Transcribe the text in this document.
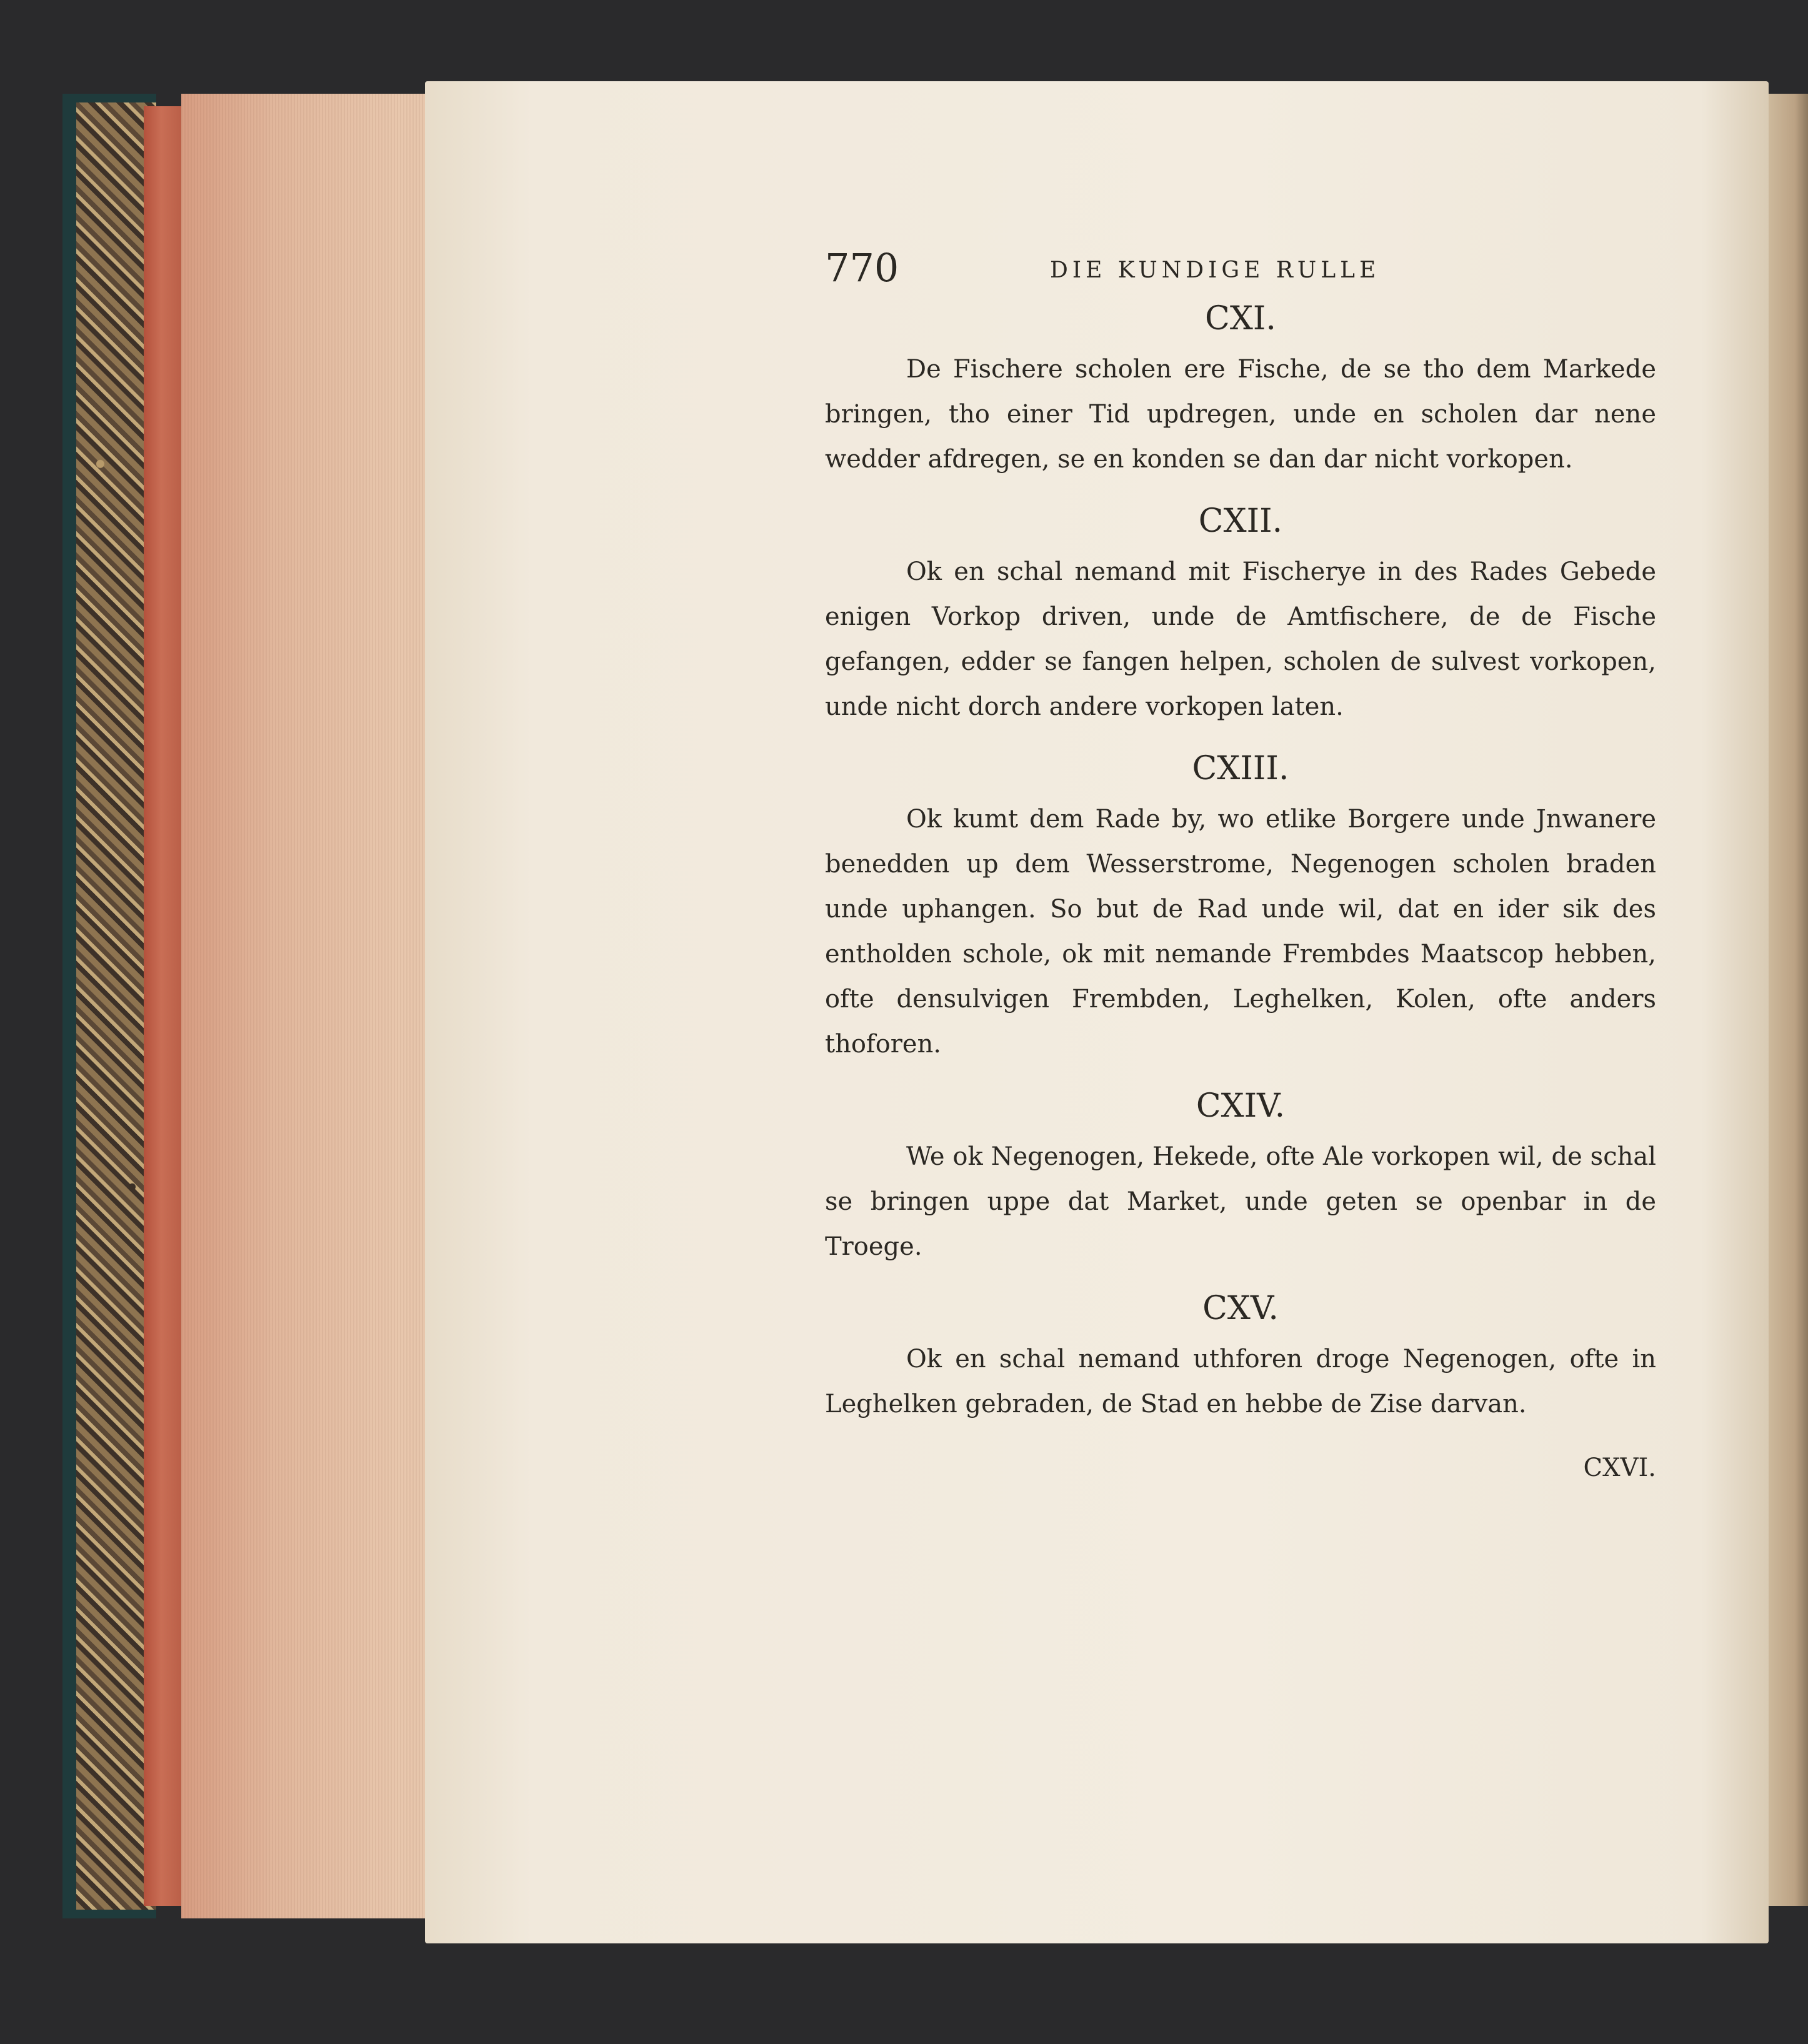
770	DIE KUNDIGE RULLE
CXI.

De Fischere scholen ere Fische, de se tho dem Markede bringen, tho einer Tid updregen, unde en scholen dar nene wedder afdregen, se en konden se dan dar nicht vorkopen.

CXII.

Ok en schal nemand mit Fischerye in des Rades Gebede enigen Vorkop driven, unde de Amtfischere, de de Fische gefangen, edder se fangen helpen, scholen de sulvest vorkopen, unde nicht dorch andere vorkopen laten.

CXIII.

Ok kumt dem Rade by, wo etlike Borgere unde Jnwanere benedden up dem Wesserstrome, Negenogen scholen braden unde uphangen. So but de Rad unde wil, dat en ider sik des entholden schole, ok mit nemande Frembdes Maatscop hebben, ofte densulvigen Frembden, Leghelken, Kolen, ofte anders thoforen.

CXIV.

We ok Negenogen, Hekede, ofte Ale vorkopen wil, de schal se bringen uppe dat Market, unde geten se openbar in de Troege.

CXV.

Ok en schal nemand uthforen droge Negenogen, ofte in Leghelken gebraden, de Stad en hebbe de Zise darvan.

CXVI.
